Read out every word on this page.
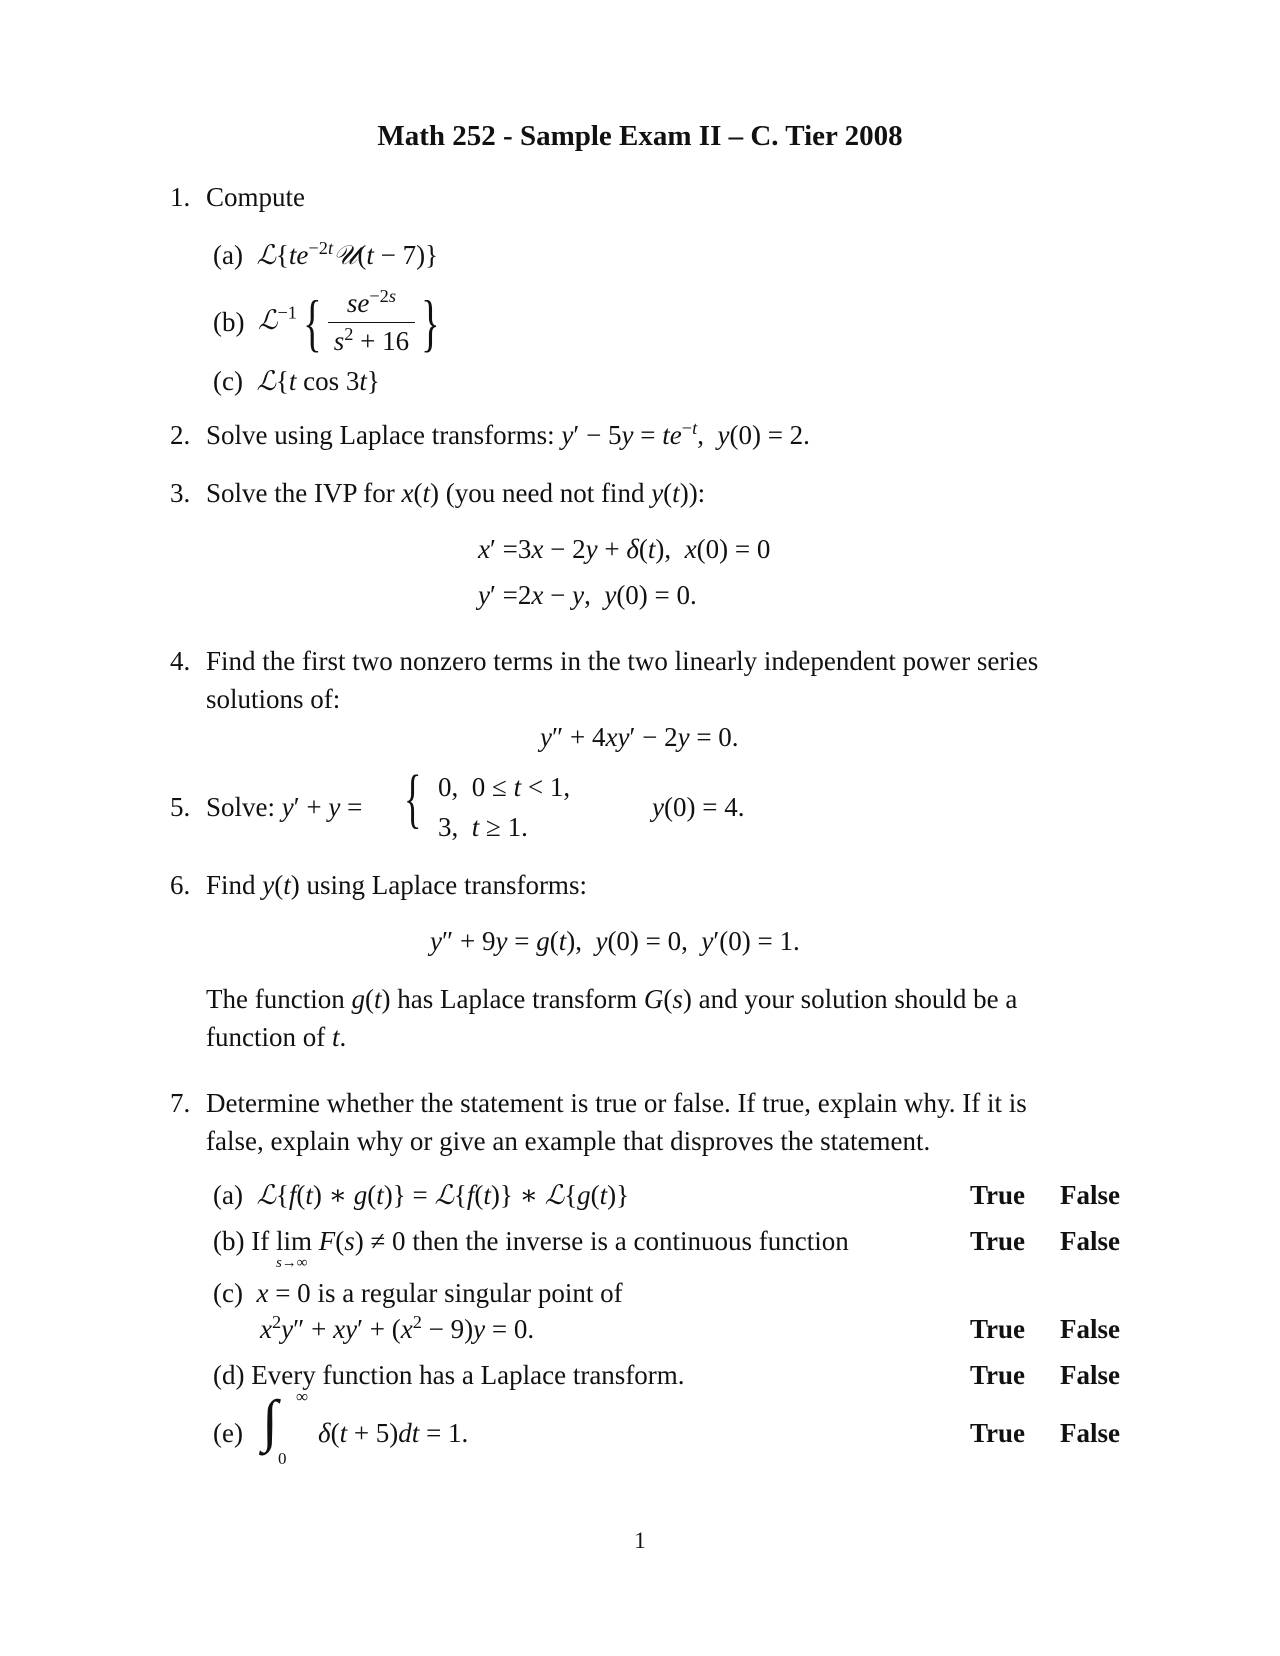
Math 252 - Sample Exam II – C. Tier 2008
1. Compute
(a) $ℒ\{te^{-2t}𝒰(t - 7)\}$
(b) ℒ$^{-1}${ $\frac{se^{-2s}}{s^2 + 16}$ }
(c) ℒ{t cos 3t}
2. Solve using Laplace transforms: $y' - 5y = te^{-t}$,  y(0) = 2.
3. Solve the IVP for x(t) (you need not find y(t)):
x′ =3x − 2y + δ(t),  x(0) = 0
y′ =2x − y,  y(0) = 0.
4. Find the first two nonzero terms in the two linearly independent power series
solutions of:
y″ + 4xy′ − 2y = 0.
5. Solve: y′ + y = { 0,  0 ≤ t < 1,
3,  t ≥ 1.
y(0) = 4.
6. Find y(t) using Laplace transforms:
y″ + 9y = g(t),  y(0) = 0,  y′(0) = 1.
The function g(t) has Laplace transform G(s) and your solution should be a
function of t.
7. Determine whether the statement is true or false. If true, explain why. If it is
false, explain why or give an example that disproves the statement.
(a) ℒ{f(t) ∗ g(t)} = ℒ{f(t)} ∗ ℒ{g(t)}	True False
(b) If lim
s→∞
F(s) ≠ 0 then the inverse is a continuous function	True False
(c) x = 0 is a regular singular point of
$x^2y'' + xy' + (x^2 - 9)y = 0$.	True False
(d) Every function has a Laplace transform.	True False
(e) ∫ ∞
0
δ(t + 5)dt = 1.	True False
1
